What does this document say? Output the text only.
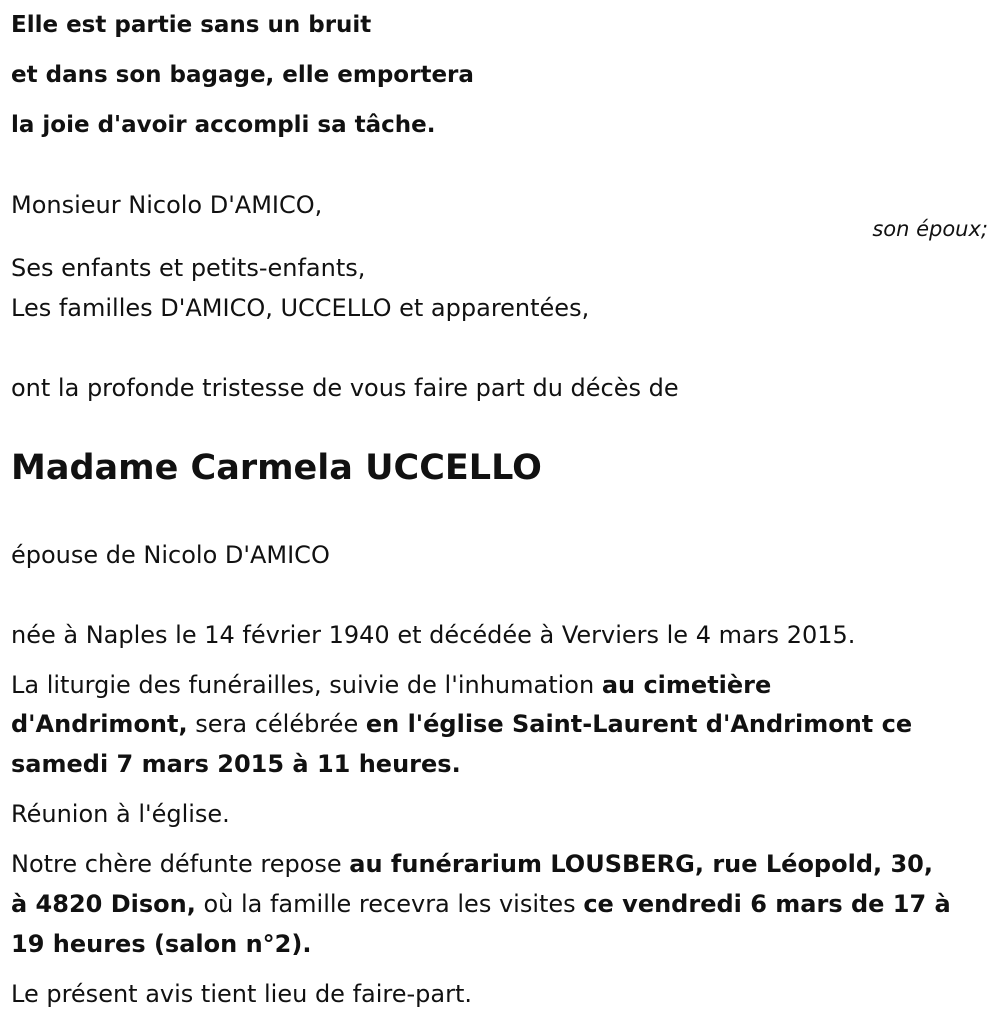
Elle est partie sans un bruit
et dans son bagage, elle emportera
la joie d'avoir accompli sa tâche.
Monsieur Nicolo D'AMICO,
son époux;
Ses enfants et petits-enfants,
Les familles D'AMICO, UCCELLO et apparentées,
ont la profonde tristesse de vous faire part du décès de
Madame Carmela UCCELLO
épouse de Nicolo D'AMICO
née à Naples le 14 février 1940 et décédée à Verviers le 4 mars 2015.
La liturgie des funérailles, suivie de l'inhumation au cimetière
d'Andrimont, sera célébrée en l'église Saint-Laurent d'Andrimont ce
samedi 7 mars 2015 à 11 heures.
Réunion à l'église.
Notre chère défunte repose au funérarium LOUSBERG, rue Léopold, 30,
à 4820 Dison, où la famille recevra les visites ce vendredi 6 mars de 17 à
19 heures (salon n°2).
Le présent avis tient lieu de faire-part.
